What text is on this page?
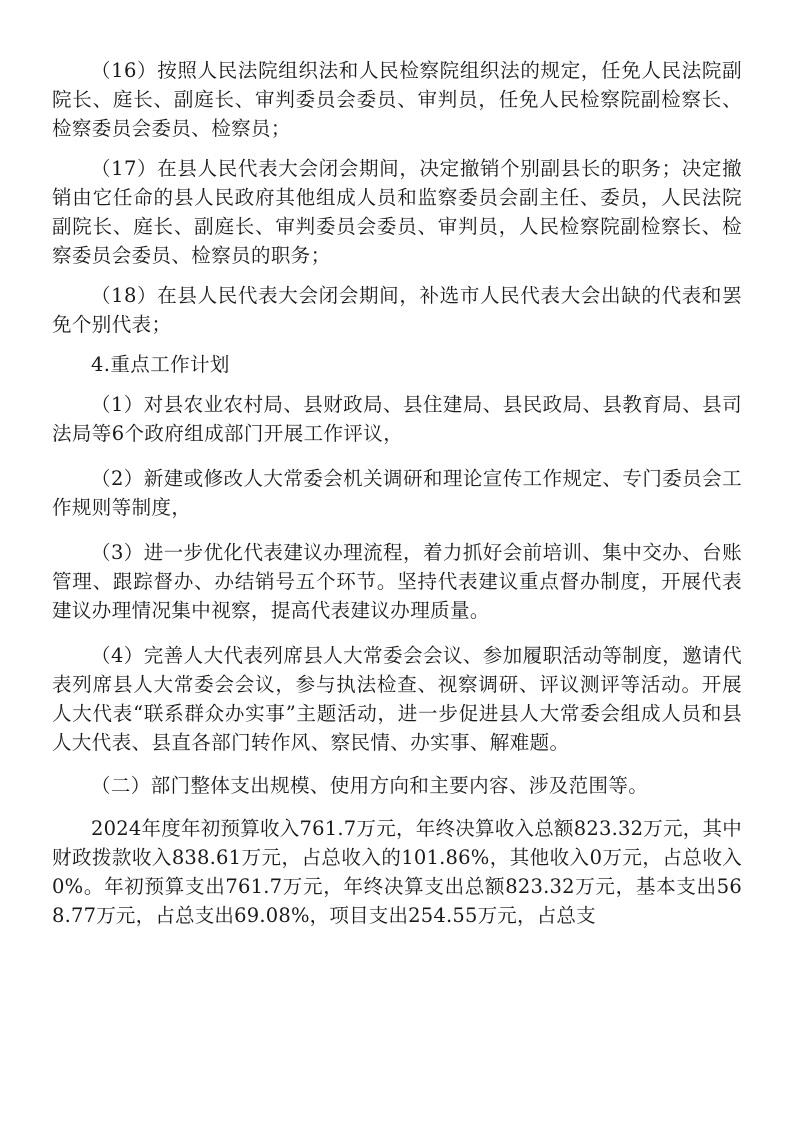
（16）按照人民法院组织法和人民检察院组织法的规定，任免人民法院副院长、庭长、副庭长、审判委员会委员、审判员，任免人民检察院副检察长、检察委员会委员、检察员；

（17）在县人民代表大会闭会期间，决定撤销个别副县长的职务；决定撤销由它任命的县人民政府其他组成人员和监察委员会副主任、委员，人民法院副院长、庭长、副庭长、审判委员会委员、审判员，人民检察院副检察长、检察委员会委员、检察员的职务；

（18）在县人民代表大会闭会期间，补选市人民代表大会出缺的代表和罢免个别代表；

4.重点工作计划

（1）对县农业农村局、县财政局、县住建局、县民政局、县教育局、县司法局等6个政府组成部门开展工作评议，

（2）新建或修改人大常委会机关调研和理论宣传工作规定、专门委员会工作规则等制度，

（3）进一步优化代表建议办理流程，着力抓好会前培训、集中交办、台账管理、跟踪督办、办结销号五个环节。坚持代表建议重点督办制度，开展代表建议办理情况集中视察，提高代表建议办理质量。

（4）完善人大代表列席县人大常委会会议、参加履职活动等制度，邀请代表列席县人大常委会会议，参与执法检查、视察调研、评议测评等活动。开展人大代表“联系群众办实事”主题活动，进一步促进县人大常委会组成人员和县人大代表、县直各部门转作风、察民情、办实事、解难题。

（二）部门整体支出规模、使用方向和主要内容、涉及范围等。

2024年度年初预算收入761.7万元，年终决算收入总额823.32万元，其中财政拨款收入838.61万元，占总收入的101.86%，其他收入0万元，占总收入0%。年初预算支出761.7万元，年终决算支出总额823.32万元，基本支出568.77万元，占总支出69.08%，项目支出254.55万元，占总支
